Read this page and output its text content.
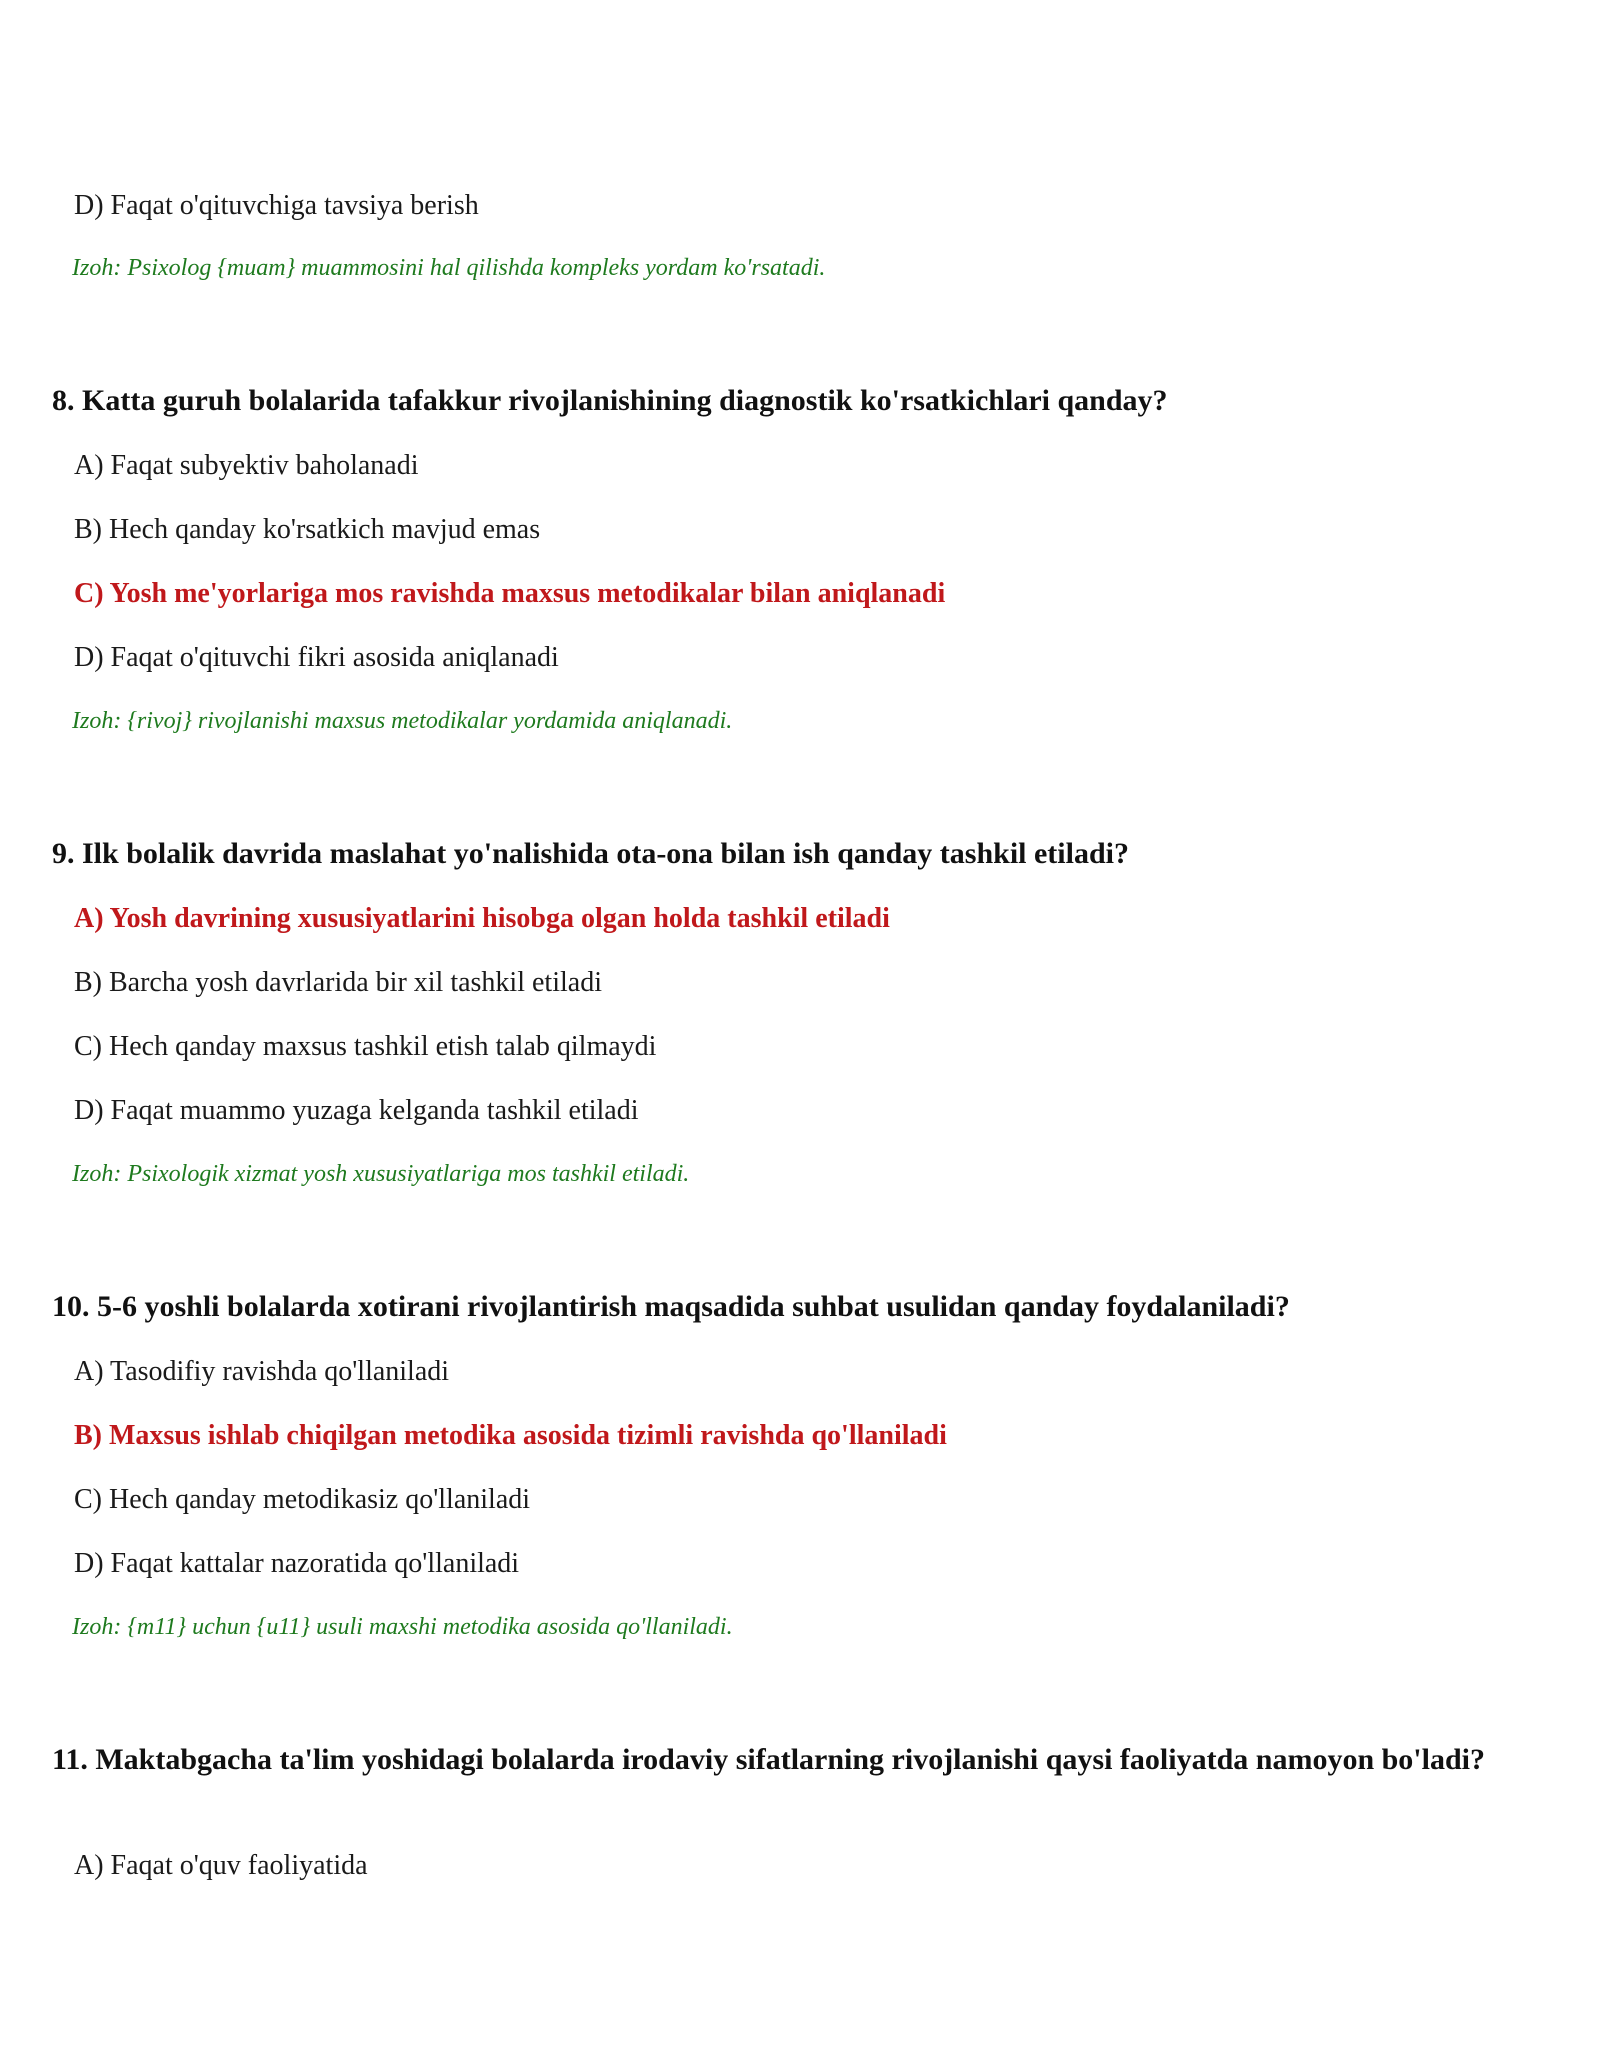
D) Faqat o'qituvchiga tavsiya berish
Izoh: Psixolog {muam} muammosini hal qilishda kompleks yordam ko'rsatadi.
8. Katta guruh bolalarida tafakkur rivojlanishining diagnostik ko'rsatkichlari qanday?
A) Faqat subyektiv baholanadi
B) Hech qanday ko'rsatkich mavjud emas
C) Yosh me'yorlariga mos ravishda maxsus metodikalar bilan aniqlanadi
D) Faqat o'qituvchi fikri asosida aniqlanadi
Izoh: {rivoj} rivojlanishi maxsus metodikalar yordamida aniqlanadi.
9. Ilk bolalik davrida maslahat yo'nalishida ota-ona bilan ish qanday tashkil etiladi?
A) Yosh davrining xususiyatlarini hisobga olgan holda tashkil etiladi
B) Barcha yosh davrlarida bir xil tashkil etiladi
C) Hech qanday maxsus tashkil etish talab qilmaydi
D) Faqat muammo yuzaga kelganda tashkil etiladi
Izoh: Psixologik xizmat yosh xususiyatlariga mos tashkil etiladi.
10. 5-6 yoshli bolalarda xotirani rivojlantirish maqsadida suhbat usulidan qanday foydalaniladi?
A) Tasodifiy ravishda qo'llaniladi
B) Maxsus ishlab chiqilgan metodika asosida tizimli ravishda qo'llaniladi
C) Hech qanday metodikasiz qo'llaniladi
D) Faqat kattalar nazoratida qo'llaniladi
Izoh: {m11} uchun {u11} usuli maxshi metodika asosida qo'llaniladi.
11. Maktabgacha ta'lim yoshidagi bolalarda irodaviy sifatlarning rivojlanishi qaysi faoliyatda namoyon bo'ladi?
A) Faqat o'quv faoliyatida
